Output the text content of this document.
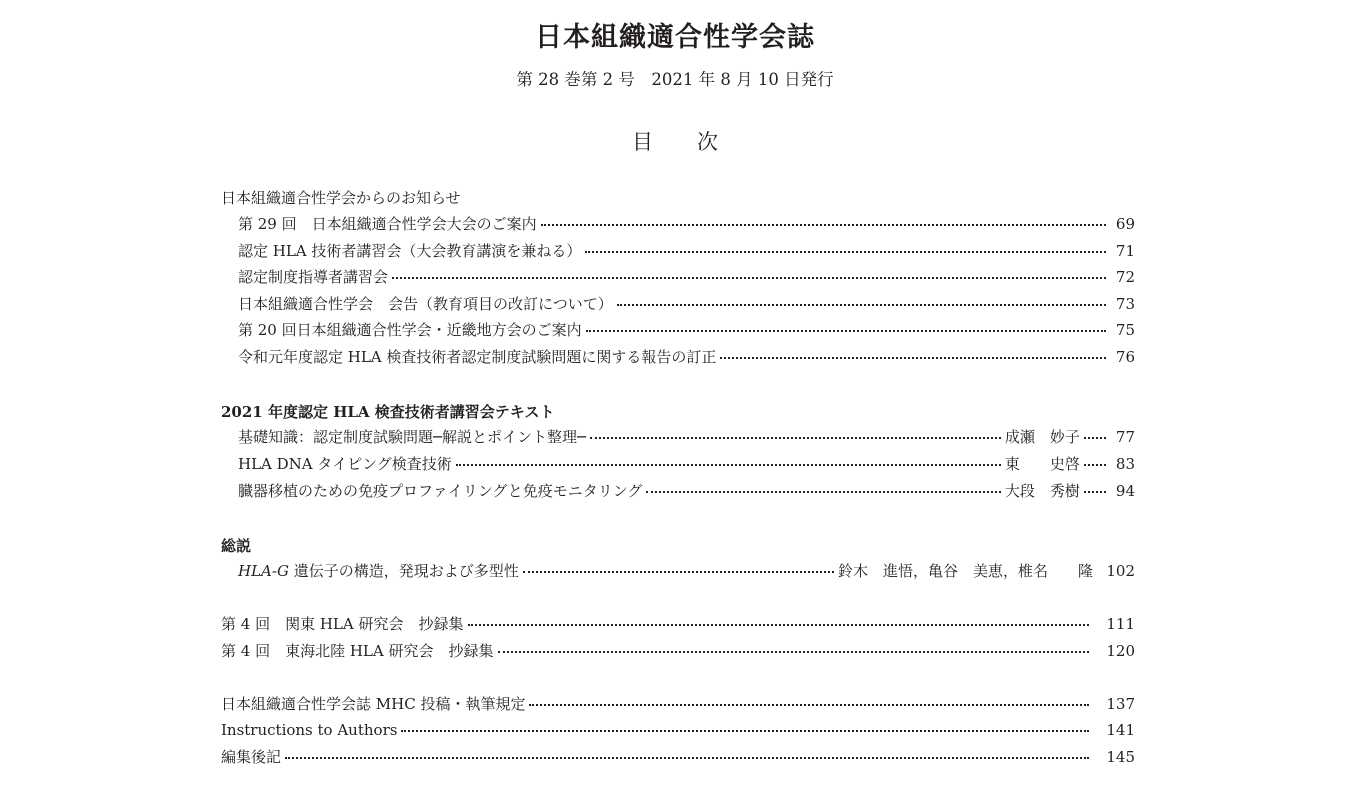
日本組織適合性学会誌
第 28 巻第 2 号　2021 年 8 月 10 日発行
目 次
日本組織適合性学会からのお知らせ
第 29 回　日本組織適合性学会大会のご案内	69
認定 HLA 技術者講習会（大会教育講演を兼ねる）	71
認定制度指導者講習会	72
日本組織適合性学会　会告（教育項目の改訂について）	73
第 20 回日本組織適合性学会・近畿地方会のご案内	75
令和元年度認定 HLA 検査技術者認定制度試験問題に関する報告の訂正	76
2021 年度認定 HLA 検査技術者講習会テキスト
基礎知識：認定制度試験問題─解説とポイント整理─	成瀬　妙子 77
HLA DNA タイピング検査技術	東　　史啓 83
臓器移植のための免疫プロファイリングと免疫モニタリング	大段　秀樹 94
総説
HLA-G 遺伝子の構造，発現および多型性	鈴木　進悟，亀谷　美恵，椎名　　隆 102
第 4 回　関東 HLA 研究会　抄録集	111
第 4 回　東海北陸 HLA 研究会　抄録集	120
日本組織適合性学会誌 MHC 投稿・執筆規定	137
Instructions to Authors	141
編集後記	145
